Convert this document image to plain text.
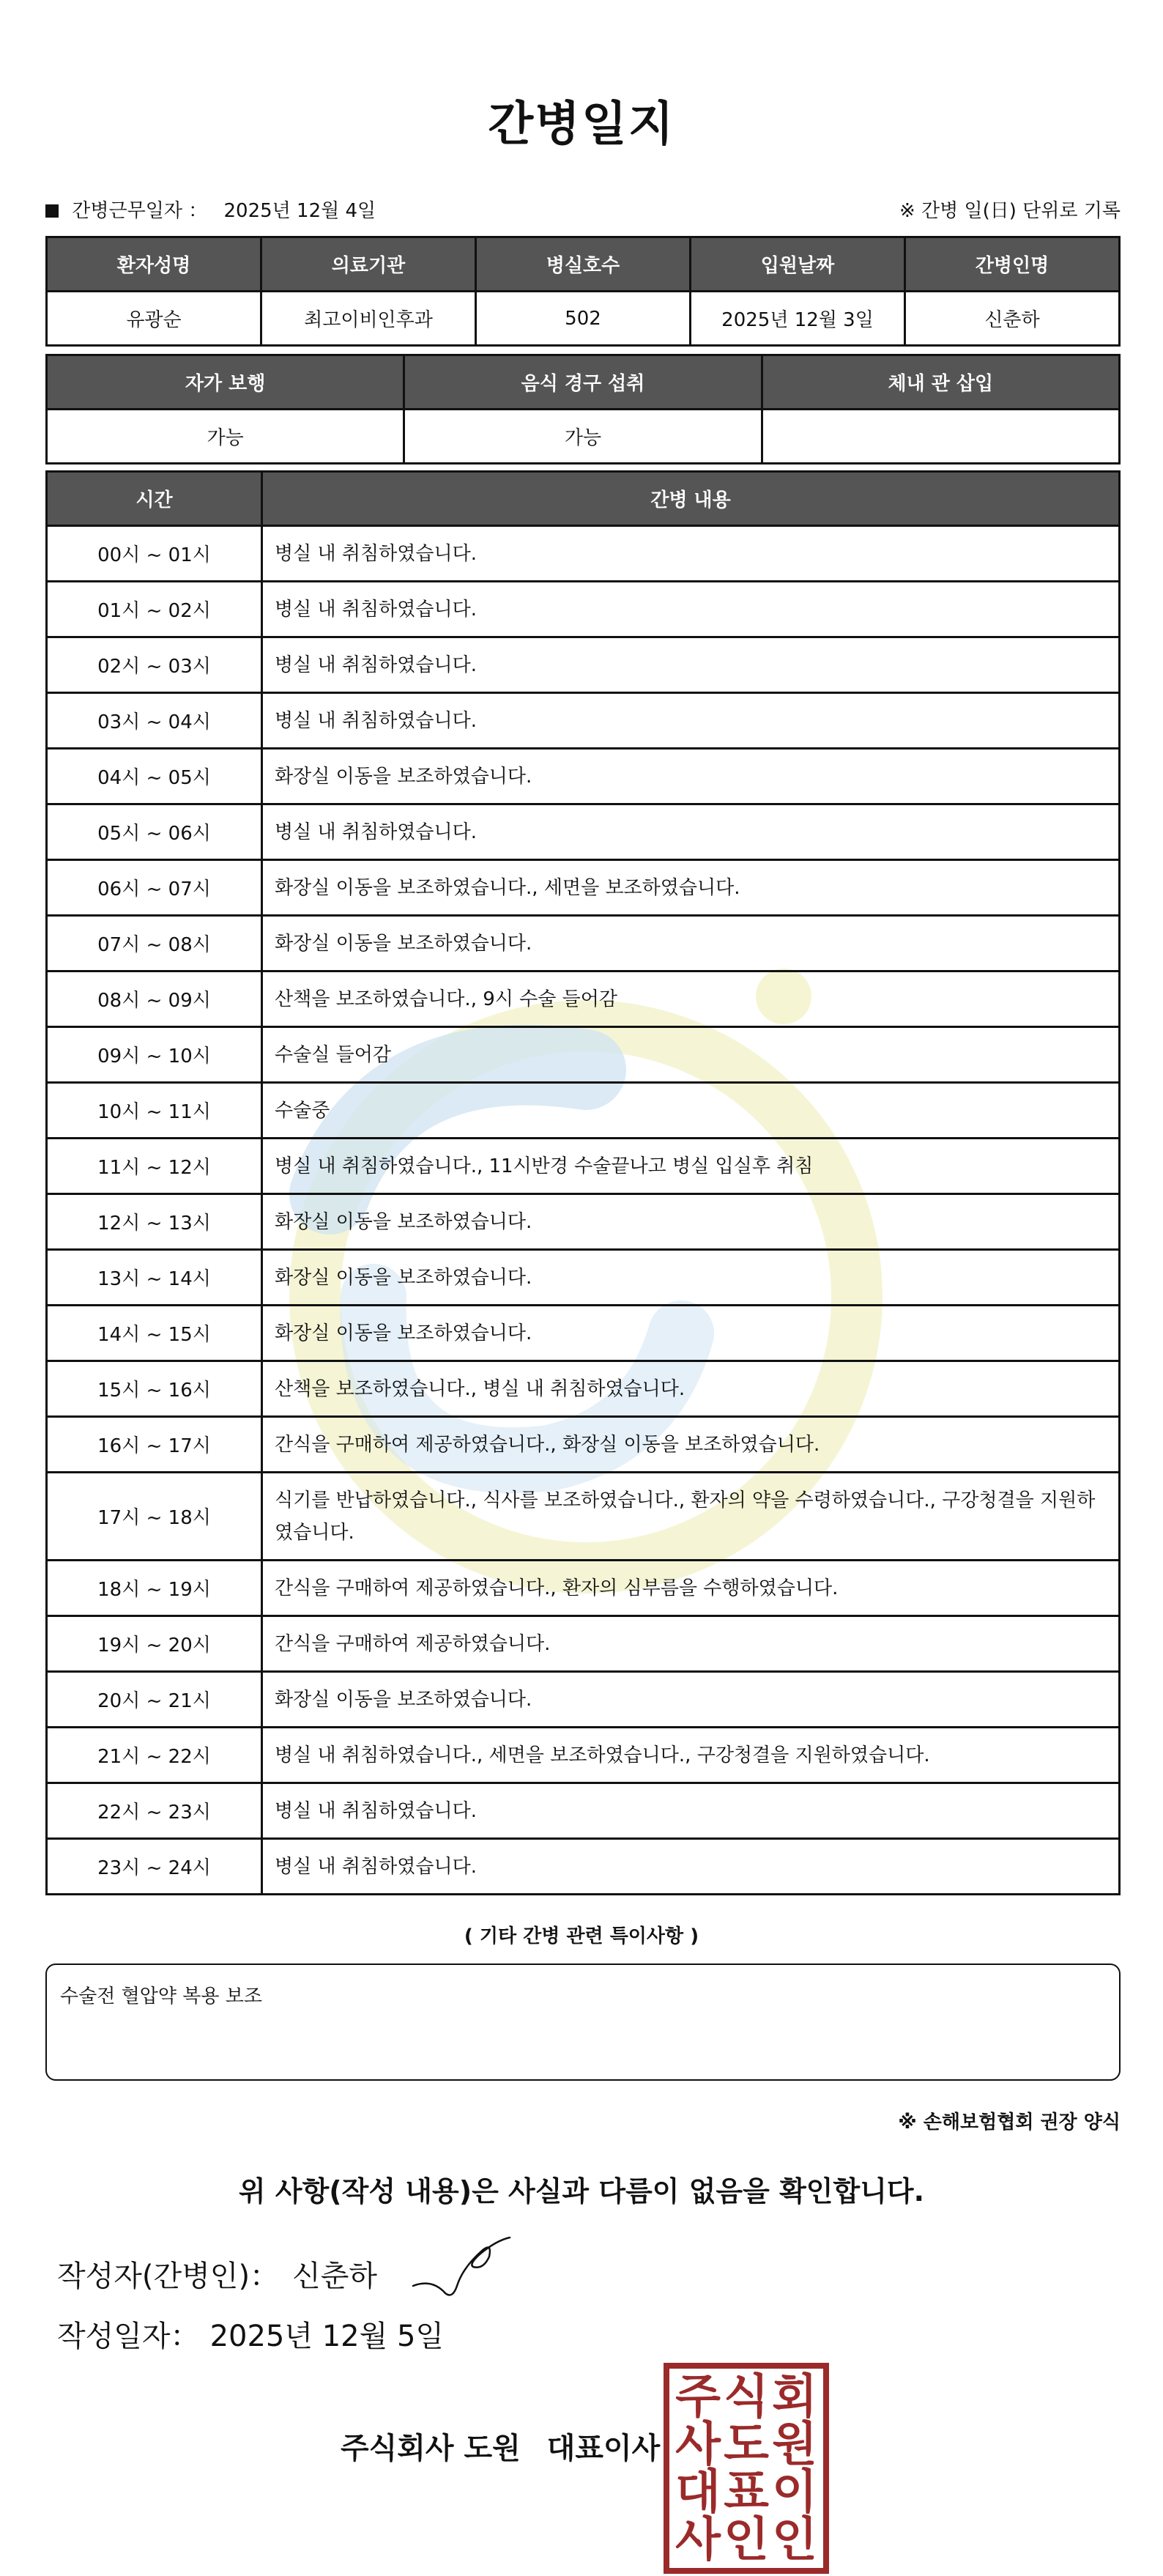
간병일지
간병근무일자 ： 2025년 12월 4일	※ 간병 일(日) 단위로 기록
환자성명	의료기관	병실호수	입원날짜	간병인명
유광순	최고이비인후과	502	2025년 12월 3일	신춘하
자가 보행	음식 경구 섭취	체내 관 삽입
가능	가능	
시간	간병 내용
00시 ~ 01시	병실 내 취침하였습니다.
01시 ~ 02시	병실 내 취침하였습니다.
02시 ~ 03시	병실 내 취침하였습니다.
03시 ~ 04시	병실 내 취침하였습니다.
04시 ~ 05시	화장실 이동을 보조하였습니다.
05시 ~ 06시	병실 내 취침하였습니다.
06시 ~ 07시	화장실 이동을 보조하였습니다., 세면을 보조하였습니다.
07시 ~ 08시	화장실 이동을 보조하였습니다.
08시 ~ 09시	산책을 보조하였습니다., 9시 수술 들어감
09시 ~ 10시	수술실 들어감
10시 ~ 11시	수술중
11시 ~ 12시	병실 내 취침하였습니다., 11시반경 수술끝나고 병실 입실후 취침
12시 ~ 13시	화장실 이동을 보조하였습니다.
13시 ~ 14시	화장실 이동을 보조하였습니다.
14시 ~ 15시	화장실 이동을 보조하였습니다.
15시 ~ 16시	산책을 보조하였습니다., 병실 내 취침하였습니다.
16시 ~ 17시	간식을 구매하여 제공하였습니다., 화장실 이동을 보조하였습니다.
17시 ~ 18시	식기를 반납하였습니다., 식사를 보조하였습니다., 환자의 약을 수령하였습니다., 구강청결을 지원하였습니다.
18시 ~ 19시	간식을 구매하여 제공하였습니다., 환자의 심부름을 수행하였습니다.
19시 ~ 20시	간식을 구매하여 제공하였습니다.
20시 ~ 21시	화장실 이동을 보조하였습니다.
21시 ~ 22시	병실 내 취침하였습니다., 세면을 보조하였습니다., 구강청결을 지원하였습니다.
22시 ~ 23시	병실 내 취침하였습니다.
23시 ~ 24시	병실 내 취침하였습니다.
( 기타 간병 관련 특이사항 )
수술전 혈압약 복용 보조
※ 손해보험협회 권장 양식
위 사항(작성 내용)은 사실과 다름이 없음을 확인합니다.
작성자(간병인)： 신춘하
작성일자： 2025년 12월 5일
주식회사 도원 대표이사
주 식 회
사 도 원
대 표 이
사 인 인
